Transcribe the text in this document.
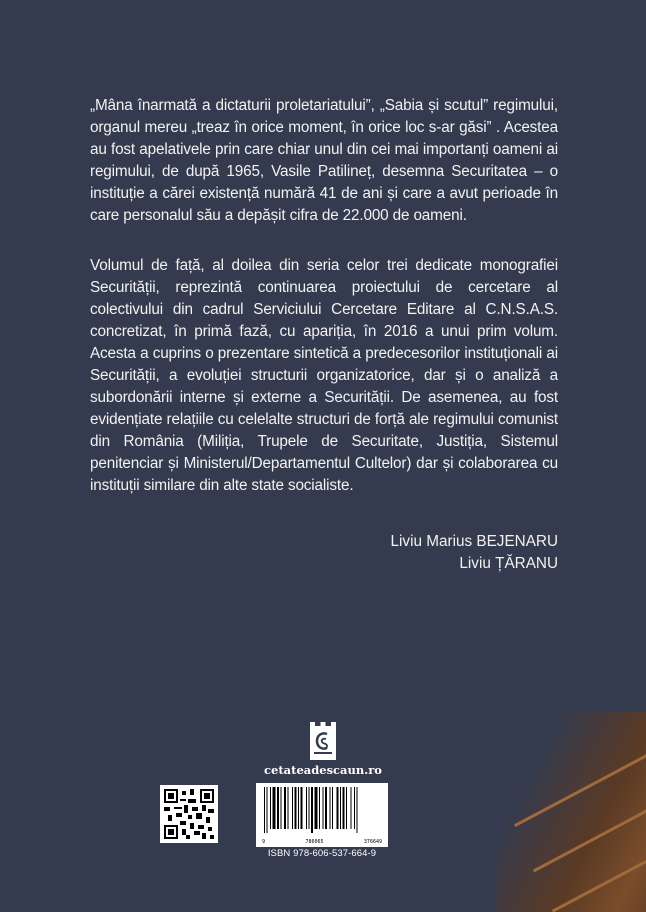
„Mâna înarmată a dictaturii proletariatului”, „Sabia și scutul” regimului, organul mereu „treaz în orice moment, în orice loc s-ar găsi” . Acestea au fost apelativele prin care chiar unul din cei mai importanți oameni ai regimului, de după 1965, Vasile Patilineț, desemna Securitatea – o instituție a cărei existență numără 41 de ani și care a avut perioade în care personalul său a depășit cifra de 22.000 de oameni.

Volumul de față, al doilea din seria celor trei dedicate monografiei Securității, reprezintă continuarea proiectului de cercetare al colectivului din cadrul Serviciului Cercetare Editare al C.N.S.A.S. concretizat, în primă fază, cu apariția, în 2016 a unui prim volum. Acesta a cuprins o prezentare sintetică a predecesorilor instituționali ai Securității, a evoluției structurii organizatorice, dar și o analiză a subordonării interne și externe a Securității. De asemenea, au fost evidențiate relațiile cu celelalte structuri de forță ale regimului comunist din România (Miliția, Trupele de Securitate, Justiția, Sistemul penitenciar și Ministerul/Departamentul Cultelor) dar și colaborarea cu instituții similare din alte state socialiste.

Liviu Marius BEJENARU
Liviu ȚĂRANU
cetateadescaun.ro
9	786065	376649
ISBN 978-606-537-664-9
